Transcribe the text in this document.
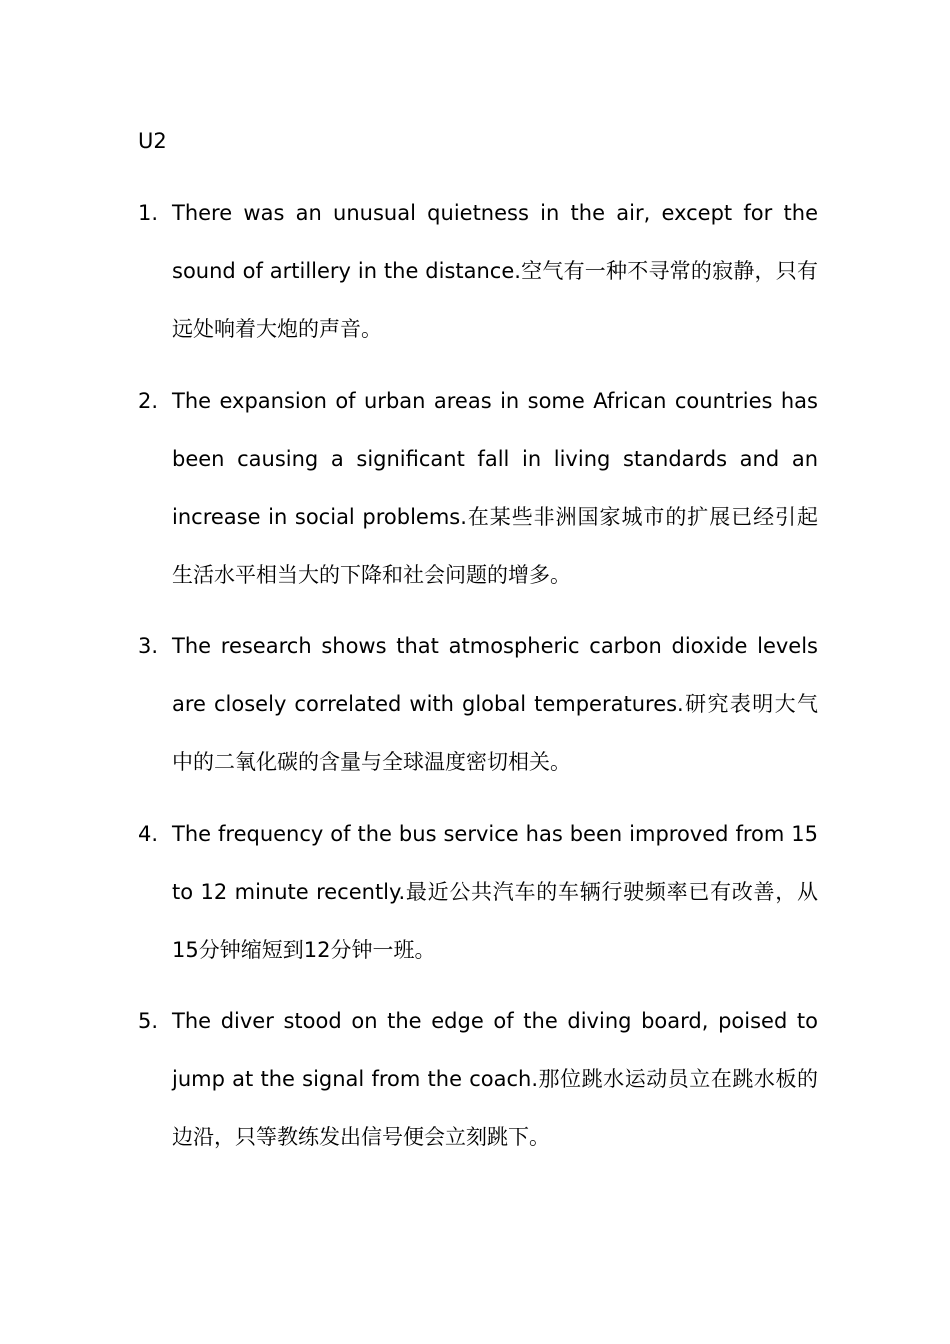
U2
1. There was an unusual quietness in the air, except for the sound of artillery in the distance.空气有一种不寻常的寂静，只有远处响着大炮的声音。
2. The expansion of urban areas in some African countries has been causing a significant fall in living standards and an increase in social problems.在某些非洲国家城市的扩展已经引起生活水平相当大的下降和社会问题的增多。
3. The research shows that atmospheric carbon dioxide levels are closely correlated with global temperatures.研究表明大气中的二氧化碳的含量与全球温度密切相关。
4. The frequency of the bus service has been improved from 15 to 12 minute recently.最近公共汽车的车辆行驶频率已有改善，从15分钟缩短到12分钟一班。
5. The diver stood on the edge of the diving board, poised to jump at the signal from the coach.那位跳水运动员立在跳水板的边沿，只等教练发出信号便会立刻跳下。
